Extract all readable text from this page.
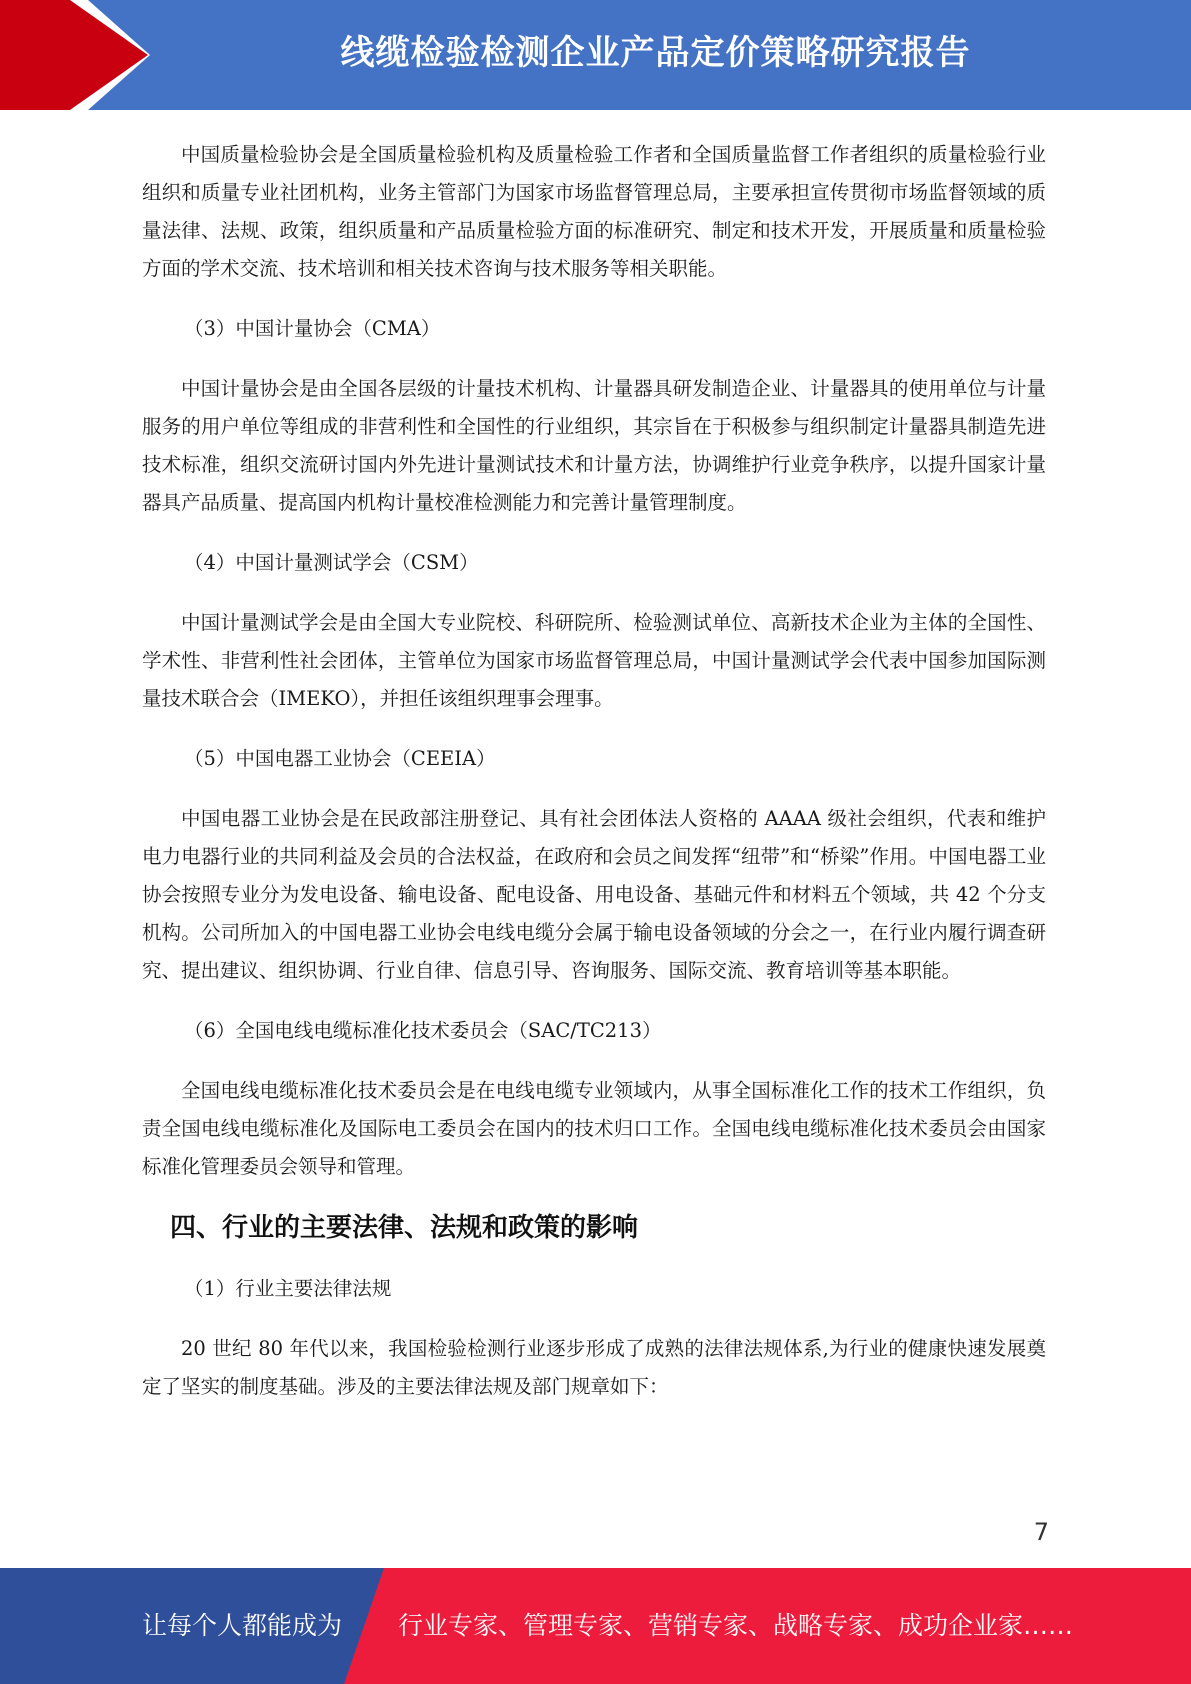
线缆检验检测企业产品定价策略研究报告

中国质量检验协会是全国质量检验机构及质量检验工作者和全国质量监督工作者组织的质量检验行业组织和质量专业社团机构，业务主管部门为国家市场监督管理总局，主要承担宣传贯彻市场监督领域的质量法律、法规、政策，组织质量和产品质量检验方面的标准研究、制定和技术开发，开展质量和质量检验方面的学术交流、技术培训和相关技术咨询与技术服务等相关职能。

（3）中国计量协会（CMA）

中国计量协会是由全国各层级的计量技术机构、计量器具研发制造企业、计量器具的使用单位与计量服务的用户单位等组成的非营利性和全国性的行业组织，其宗旨在于积极参与组织制定计量器具制造先进技术标准，组织交流研讨国内外先进计量测试技术和计量方法，协调维护行业竞争秩序，以提升国家计量器具产品质量、提高国内机构计量校准检测能力和完善计量管理制度。

（4）中国计量测试学会（CSM）

中国计量测试学会是由全国大专业院校、科研院所、检验测试单位、高新技术企业为主体的全国性、学术性、非营利性社会团体，主管单位为国家市场监督管理总局，中国计量测试学会代表中国参加国际测量技术联合会（IMEKO），并担任该组织理事会理事。

（5）中国电器工业协会（CEEIA）

中国电器工业协会是在民政部注册登记、具有社会团体法人资格的 AAAA 级社会组织，代表和维护电力电器行业的共同利益及会员的合法权益，在政府和会员之间发挥“纽带”和“桥梁”作用。中国电器工业协会按照专业分为发电设备、输电设备、配电设备、用电设备、基础元件和材料五个领域，共 42 个分支机构。公司所加入的中国电器工业协会电线电缆分会属于输电设备领域的分会之一，在行业内履行调查研究、提出建议、组织协调、行业自律、信息引导、咨询服务、国际交流、教育培训等基本职能。

（6）全国电线电缆标准化技术委员会（SAC/TC213）

全国电线电缆标准化技术委员会是在电线电缆专业领域内，从事全国标准化工作的技术工作组织，负责全国电线电缆标准化及国际电工委员会在国内的技术归口工作。全国电线电缆标准化技术委员会由国家标准化管理委员会领导和管理。

四、行业的主要法律、法规和政策的影响

（1）行业主要法律法规

20 世纪 80 年代以来，我国检验检测行业逐步形成了成熟的法律法规体系,为行业的健康快速发展奠定了坚实的制度基础。涉及的主要法律法规及部门规章如下：

7
让每个人都能成为 行业专家、管理专家、营销专家、战略专家、成功企业家……
